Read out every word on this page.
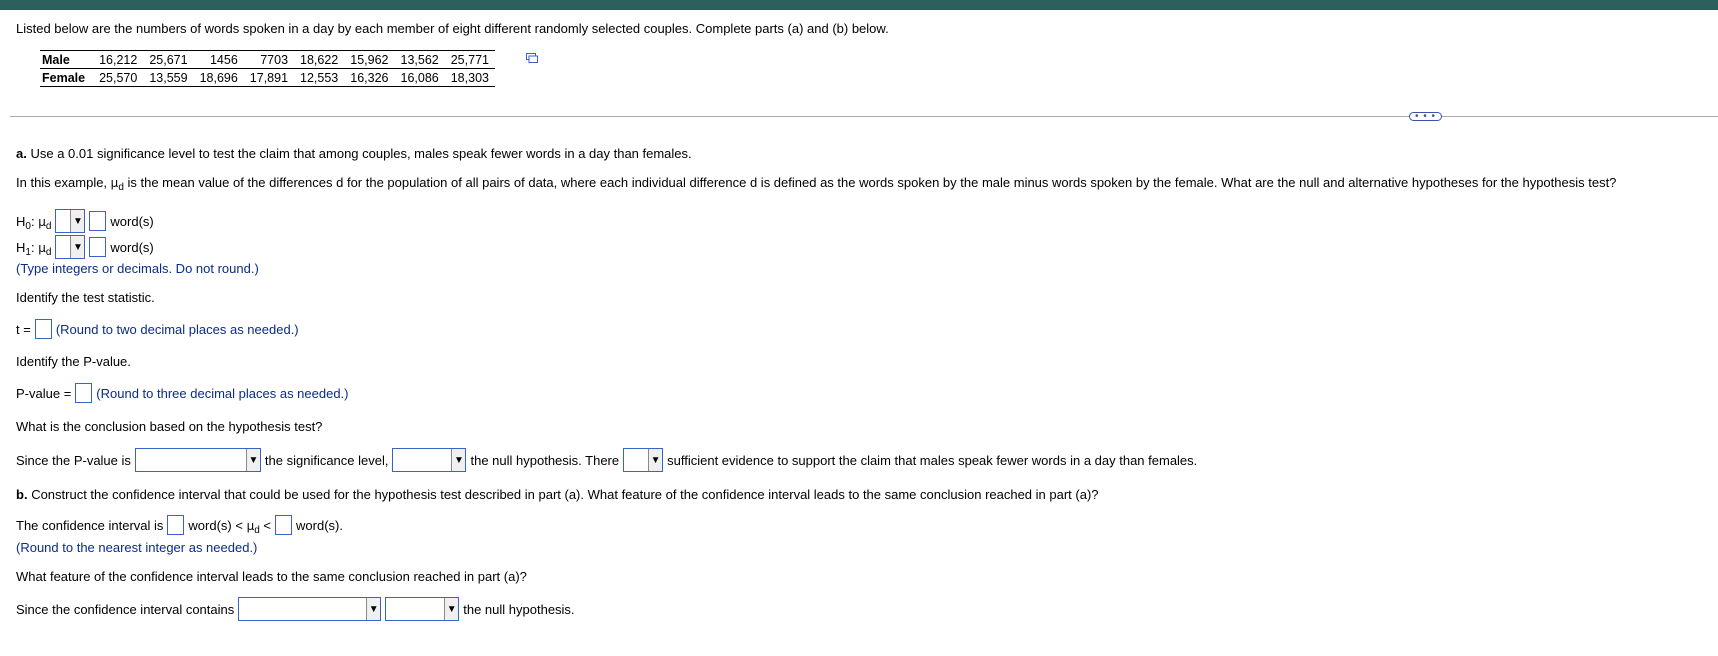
Listed below are the numbers of words spoken in a day by each member of eight different randomly selected couples. Complete parts (a) and (b) below.
Male	16,212	25,671	1456	7703	18,622	15,962	13,562	25,771
Female	25,570	13,559	18,696	17,891	12,553	16,326	16,086	18,303
• • •
a. Use a 0.01 significance level to test the claim that among couples, males speak fewer words in a day than females.
In this example, $\mu_d$ is the mean value of the differences d for the population of all pairs of data, where each individual difference d is defined as the words spoken by the male minus words spoken by the female. What are the null and alternative hypotheses for the hypothesis test?
$H_0$: $\mu_d$ ▼ word(s)
$H_1$: $\mu_d$ ▼ word(s)
(Type integers or decimals. Do not round.)
Identify the test statistic.
t = (Round to two decimal places as needed.)
Identify the P-value.
P-value = (Round to three decimal places as needed.)
What is the conclusion based on the hypothesis test?
Since the P-value is	▼ the significance level,	▼ the null hypothesis. There	▼ sufficient evidence to support the claim that males speak fewer words in a day than females.
b. Construct the confidence interval that could be used for the hypothesis test described in part (a). What feature of the confidence interval leads to the same conclusion reached in part (a)?
The confidence interval is word(s) < $\mu_d$ < word(s).
(Round to the nearest integer as needed.)
What feature of the confidence interval leads to the same conclusion reached in part (a)?
Since the confidence interval contains	▼	▼ the null hypothesis.
